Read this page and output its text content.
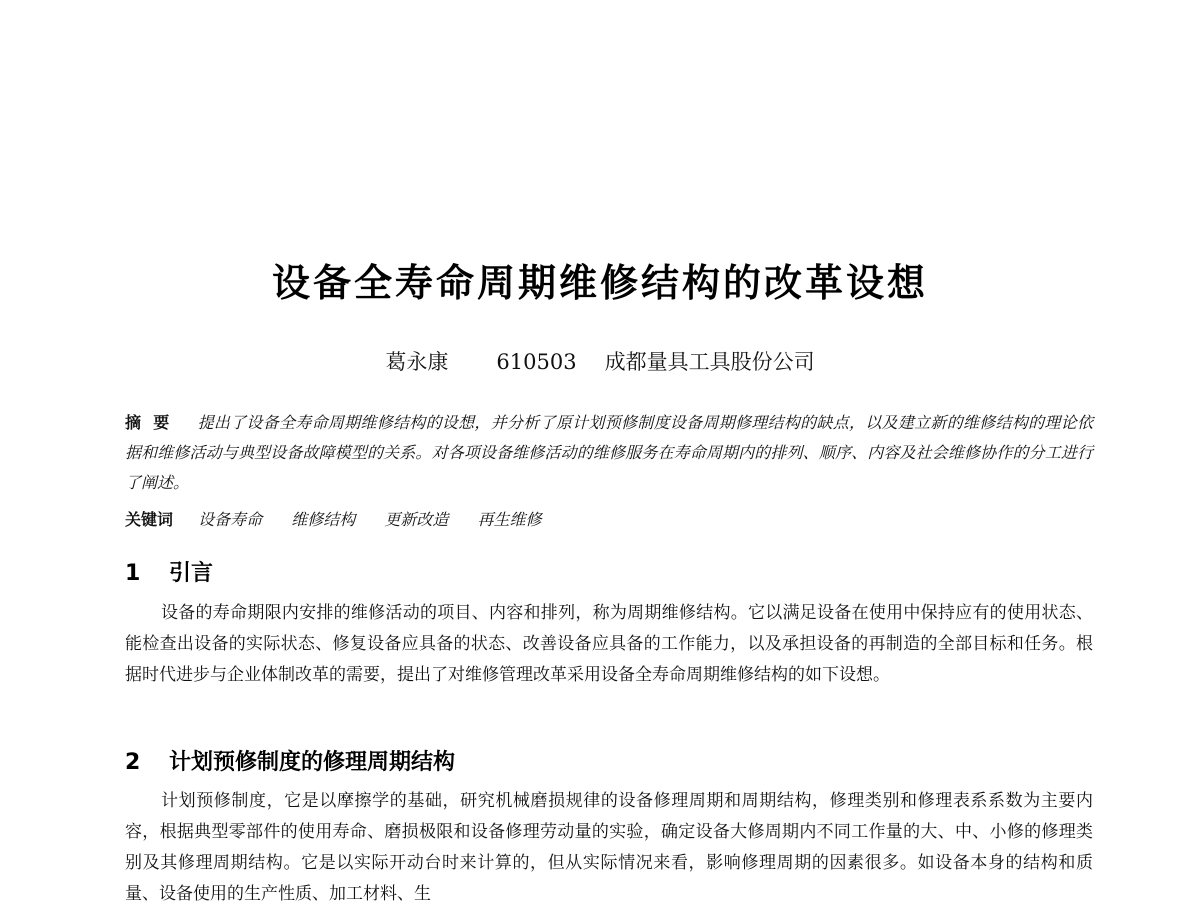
设备全寿命周期维修结构的改革设想
葛永康 610503 成都量具工具股份公司
摘要 提出了设备全寿命周期维修结构的设想，并分析了原计划预修制度设备周期修理结构的缺点，以及建立新的维修结构的理论依据和维修活动与典型设备故障模型的关系。对各项设备维修活动的维修服务在寿命周期内的排列、顺序、内容及社会维修协作的分工进行了阐述。
关键词 设备寿命 维修结构 更新改造 再生维修
1 引言
设备的寿命期限内安排的维修活动的项目、内容和排列，称为周期维修结构。它以满足设备在使用中保持应有的使用状态、能检查出设备的实际状态、修复设备应具备的状态、改善设备应具备的工作能力，以及承担设备的再制造的全部目标和任务。根据时代进步与企业体制改革的需要，提出了对维修管理改革采用设备全寿命周期维修结构的如下设想。
2 计划预修制度的修理周期结构
计划预修制度，它是以摩擦学的基础，研究机械磨损规律的设备修理周期和周期结构，修理类别和修理表系系数为主要内容，根据典型零部件的使用寿命、磨损极限和设备修理劳动量的实验，确定设备大修周期内不同工作量的大、中、小修的修理类别及其修理周期结构。它是以实际开动台时来计算的，但从实际情况来看，影响修理周期的因素很多。如设备本身的结构和质量、设备使用的生产性质、加工材料、生
